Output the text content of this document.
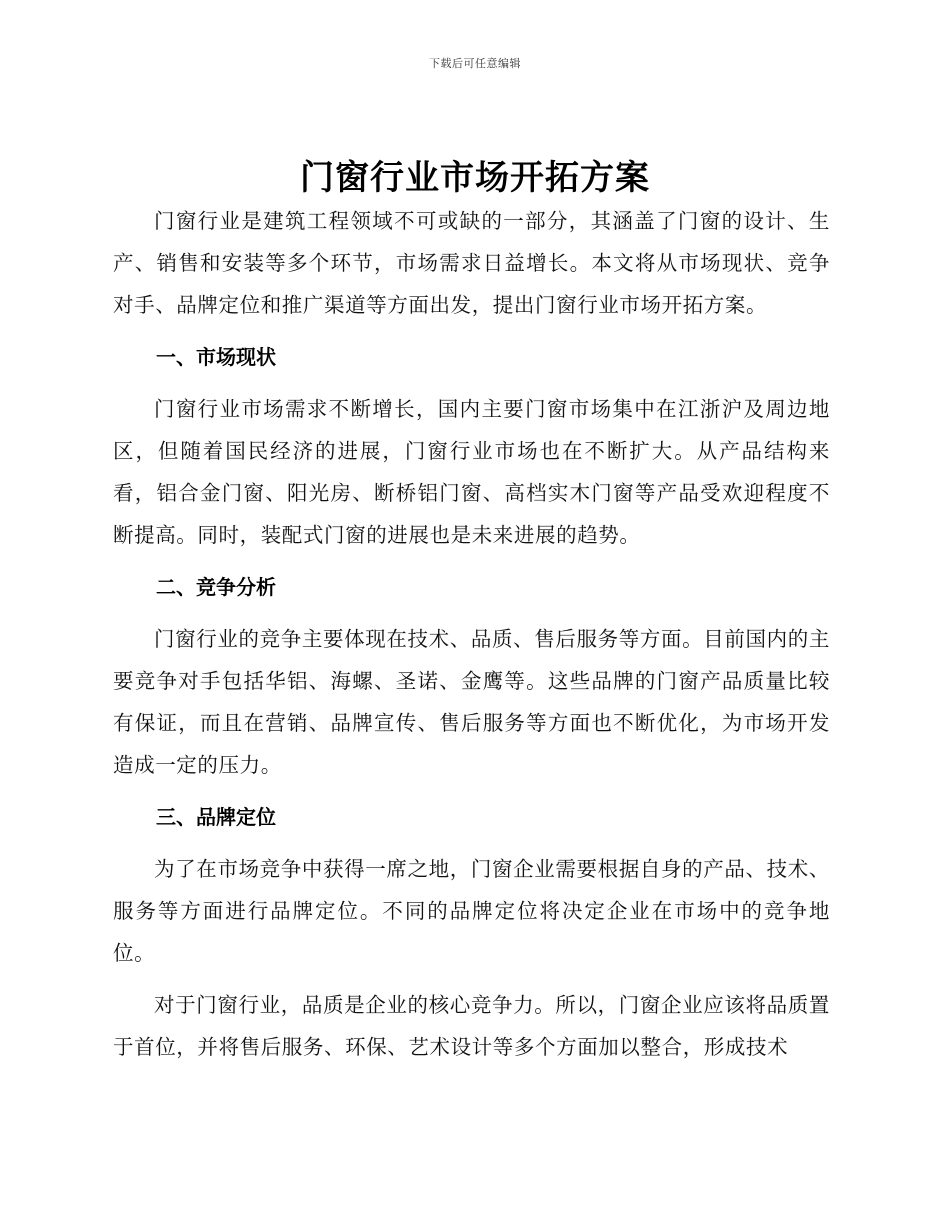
下载后可任意编辑
门窗行业市场开拓方案

门窗行业是建筑工程领域不可或缺的一部分，其涵盖了门窗的设计、生产、销售和安装等多个环节，市场需求日益增长。本文将从市场现状、竞争对手、品牌定位和推广渠道等方面出发，提出门窗行业市场开拓方案。

一、市场现状

门窗行业市场需求不断增长，国内主要门窗市场集中在江浙沪及周边地区，但随着国民经济的进展，门窗行业市场也在不断扩大。从产品结构来看，铝合金门窗、阳光房、断桥铝门窗、高档实木门窗等产品受欢迎程度不断提高。同时，装配式门窗的进展也是未来进展的趋势。

二、竞争分析

门窗行业的竞争主要体现在技术、品质、售后服务等方面。目前国内的主要竞争对手包括华铝、海螺、圣诺、金鹰等。这些品牌的门窗产品质量比较有保证，而且在营销、品牌宣传、售后服务等方面也不断优化，为市场开发造成一定的压力。

三、品牌定位

为了在市场竞争中获得一席之地，门窗企业需要根据自身的产品、技术、服务等方面进行品牌定位。不同的品牌定位将决定企业在市场中的竞争地位。

对于门窗行业，品质是企业的核心竞争力。所以，门窗企业应该将品质置于首位，并将售后服务、环保、艺术设计等多个方面加以整合，形成技术
